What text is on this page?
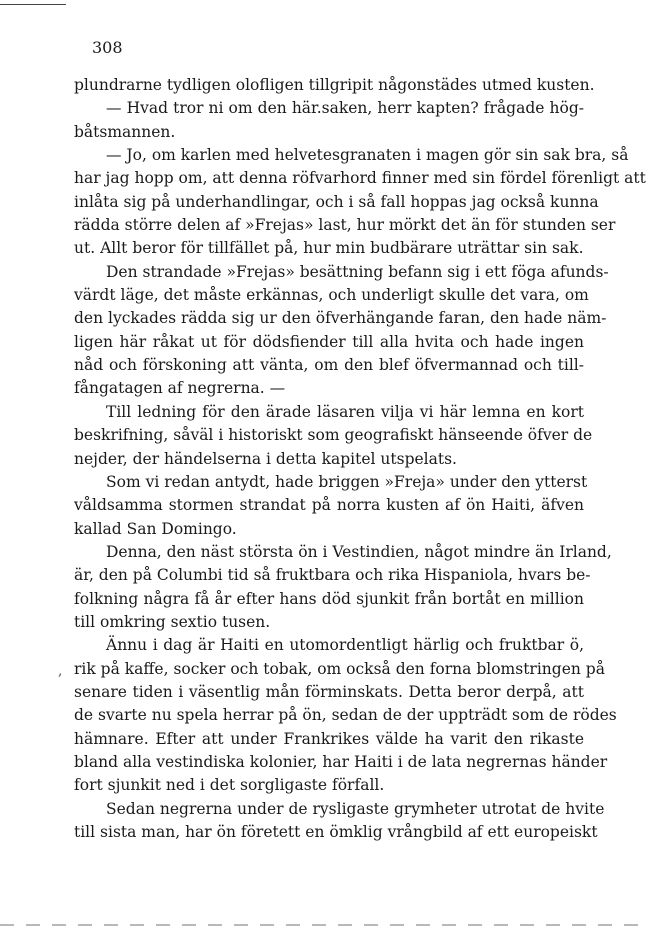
308
plundrarne tydligen olofligen tillgripit någonstädes utmed kusten.
— Hvad tror ni om den här.saken, herr kapten? frågade hög-
båtsmannen.
— Jo, om karlen med helvetesgranaten i magen gör sin sak bra, så
har jag hopp om, att denna röfvarhord finner med sin fördel förenligt att
inlåta sig på underhandlingar, och i så fall hoppas jag också kunna
rädda större delen af »Frejas» last, hur mörkt det än för stunden ser
ut. Allt beror för tillfället på, hur min budbärare uträttar sin sak.
Den strandade »Frejas» besättning befann sig i ett föga afunds-
värdt läge, det måste erkännas, och underligt skulle det vara, om
den lyckades rädda sig ur den öfverhängande faran, den hade näm-
ligen här råkat ut för dödsfiender till alla hvita och hade ingen
nåd och förskoning att vänta, om den blef öfvermannad och till-
fångatagen af negrerna. —
Till ledning för den ärade läsaren vilja vi här lemna en kort
beskrifning, såväl i historiskt som geografiskt hänseende öfver de
nejder, der händelserna i detta kapitel utspelats.
Som vi redan antydt, hade briggen »Freja» under den ytterst
våldsamma stormen strandat på norra kusten af ön Haiti, äfven
kallad San Domingo.
Denna, den näst största ön i Vestindien, något mindre än Irland,
är, den på Columbi tid så fruktbara och rika Hispaniola, hvars be-
folkning några få år efter hans död sjunkit från bortåt en million
till omkring sextio tusen.
Ännu i dag är Haiti en utomordentligt härlig och fruktbar ö,
rik på kaffe, socker och tobak, om också den forna blomstringen på
senare tiden i väsentlig mån förminskats. Detta beror derpå, att
de svarte nu spela herrar på ön, sedan de der uppträdt som de rödes
hämnare. Efter att under Frankrikes välde ha varit den rikaste
bland alla vestindiska kolonier, har Haiti i de lata negrernas händer
fort sjunkit ned i det sorgligaste förfall.
Sedan negrerna under de rysligaste grymheter utrotat de hvite
till sista man, har ön företett en ömklig vrångbild af ett europeiskt
,
